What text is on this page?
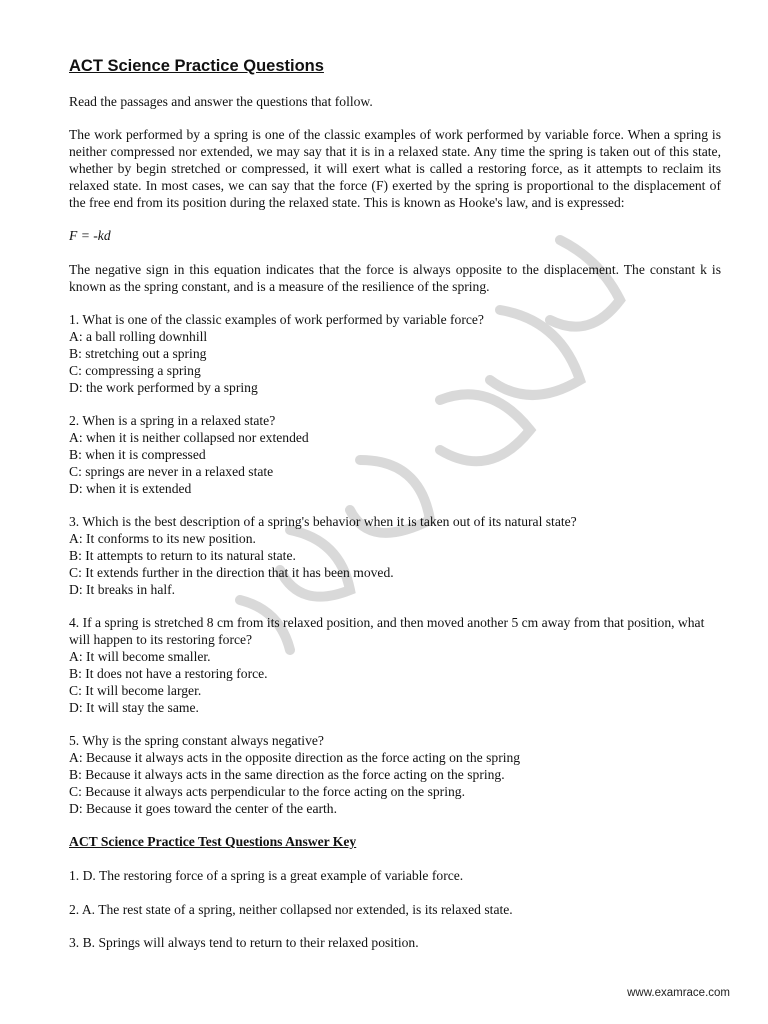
ACT Science Practice Questions

Read the passages and answer the questions that follow.

The work performed by a spring is one of the classic examples of work performed by variable force. When a spring is neither compressed nor extended, we may say that it is in a relaxed state. Any time the spring is taken out of this state, whether by begin stretched or compressed, it will exert what is called a restoring force, as it attempts to reclaim its relaxed state. In most cases, we can say that the force (F) exerted by the spring is proportional to the displacement of the free end from its position during the relaxed state. This is known as Hooke's law, and is expressed:

F = -kd

The negative sign in this equation indicates that the force is always opposite to the displacement. The constant k is known as the spring constant, and is a measure of the resilience of the spring.

1. What is one of the classic examples of work performed by variable force?
A: a ball rolling downhill
B: stretching out a spring
C: compressing a spring
D: the work performed by a spring
2. When is a spring in a relaxed state?
A: when it is neither collapsed nor extended
B: when it is compressed
C: springs are never in a relaxed state
D: when it is extended
3. Which is the best description of a spring's behavior when it is taken out of its natural state?
A: It conforms to its new position.
B: It attempts to return to its natural state.
C: It extends further in the direction that it has been moved.
D: It breaks in half.
4. If a spring is stretched 8 cm from its relaxed position, and then moved another 5 cm away from that position, what will happen to its restoring force?
A: It will become smaller.
B: It does not have a restoring force.
C: It will become larger.
D: It will stay the same.
5. Why is the spring constant always negative?
A: Because it always acts in the opposite direction as the force acting on the spring
B: Because it always acts in the same direction as the force acting on the spring.
C: Because it always acts perpendicular to the force acting on the spring.
D: Because it goes toward the center of the earth.
ACT Science Practice Test Questions Answer Key
1. D. The restoring force of a spring is a great example of variable force.
2. A. The rest state of a spring, neither collapsed nor extended, is its relaxed state.
3. B. Springs will always tend to return to their relaxed position.
www.examrace.com
